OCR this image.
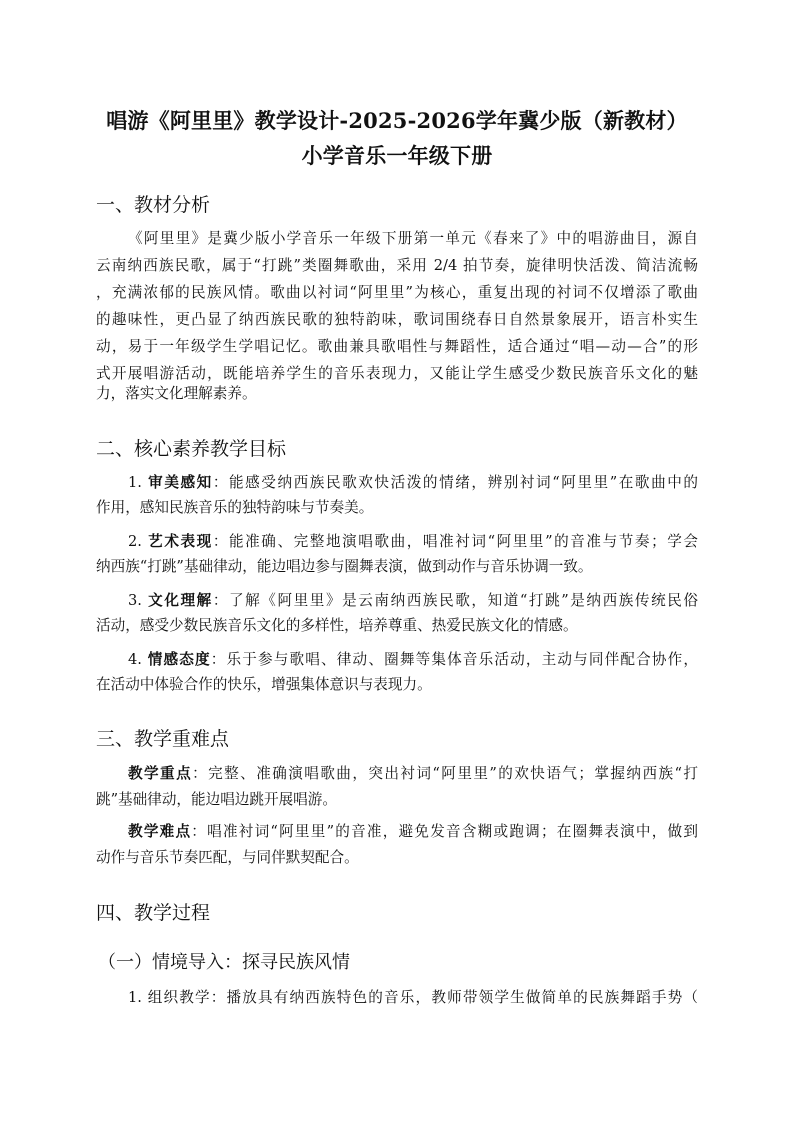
唱游《阿里里》教学设计-2025-2026学年冀少版（新教材）
小学音乐一年级下册
一、教材分析
《阿里里》是冀少版小学音乐一年级下册第一单元《春来了》中的唱游曲目，源自
云南纳西族民歌，属于“打跳”类圈舞歌曲，采用 2/4 拍节奏，旋律明快活泼、简洁流畅
，充满浓郁的民族风情。歌曲以衬词“阿里里”为核心，重复出现的衬词不仅增添了歌曲
的趣味性，更凸显了纳西族民歌的独特韵味，歌词围绕春日自然景象展开，语言朴实生
动，易于一年级学生学唱记忆。歌曲兼具歌唱性与舞蹈性，适合通过“唱—动—合”的形
式开展唱游活动，既能培养学生的音乐表现力，又能让学生感受少数民族音乐文化的魅
力，落实文化理解素养。
二、核心素养教学目标
1. 审美感知：能感受纳西族民歌欢快活泼的情绪，辨别衬词“阿里里”在歌曲中的
作用，感知民族音乐的独特韵味与节奏美。
2. 艺术表现：能准确、完整地演唱歌曲，唱准衬词“阿里里”的音准与节奏；学会
纳西族“打跳”基础律动，能边唱边参与圈舞表演，做到动作与音乐协调一致。
3. 文化理解：了解《阿里里》是云南纳西族民歌，知道“打跳”是纳西族传统民俗
活动，感受少数民族音乐文化的多样性，培养尊重、热爱民族文化的情感。
4. 情感态度：乐于参与歌唱、律动、圈舞等集体音乐活动，主动与同伴配合协作，
在活动中体验合作的快乐，增强集体意识与表现力。
三、教学重难点
教学重点：完整、准确演唱歌曲，突出衬词“阿里里”的欢快语气；掌握纳西族“打
跳”基础律动，能边唱边跳开展唱游。
教学难点：唱准衬词“阿里里”的音准，避免发音含糊或跑调；在圈舞表演中，做到
动作与音乐节奏匹配，与同伴默契配合。
四、教学过程
（一）情境导入：探寻民族风情
1. 组织教学：播放具有纳西族特色的音乐，教师带领学生做简单的民族舞蹈手势（
